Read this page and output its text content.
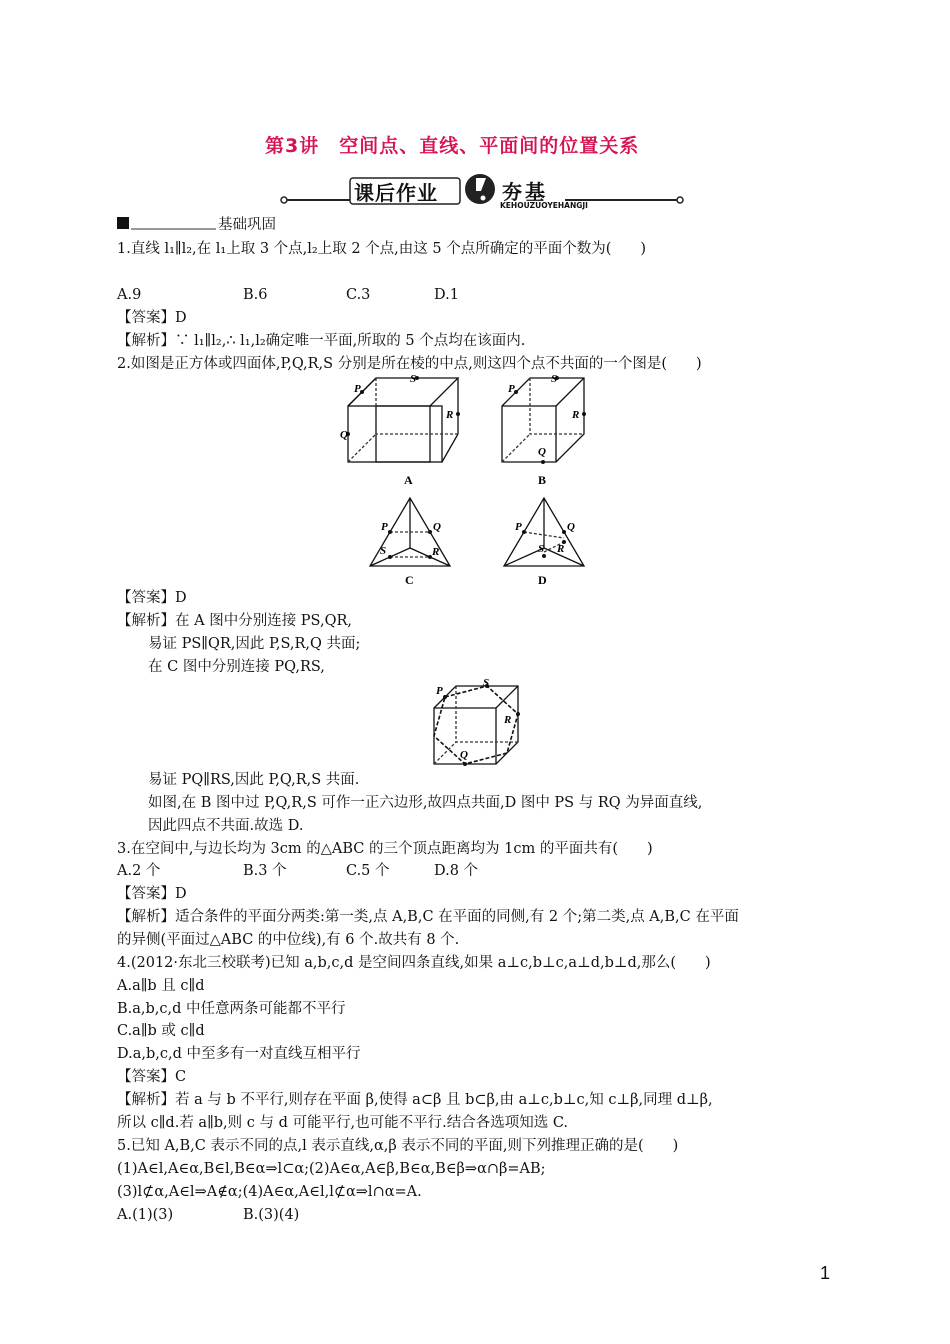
第3讲　空间点、直线、平面间的位置关系
课后作业	夯基
KEHOUZUOYEHANGJI
基础巩固
1.直线 l₁∥l₂,在 l₁上取 3 个点,l₂上取 2 个点,由这 5 个点所确定的平面个数为(　　)
A.9	B.6	C.3	D.1
【答案】D
【解析】∵ l₁∥l₂,∴ l₁,l₂确定唯一平面,所取的 5 个点均在该面内.
2.如图是正方体或四面体,P,Q,R,S 分别是所在棱的中点,则这四个点不共面的一个图是(　　)
P
S
R
Q
P
S
R
Q
P	Q
S	R
P	Q
S R
A	B
C	D
【答案】D
【解析】在 A 图中分别连接 PS,QR,
易证 PS∥QR,因此 P,S,R,Q 共面;
在 C 图中分别连接 PQ,RS,
P
S
R
Q
易证 PQ∥RS,因此 P,Q,R,S 共面.
如图,在 B 图中过 P,Q,R,S 可作一正六边形,故四点共面,D 图中 PS 与 RQ 为异面直线,
因此四点不共面.故选 D.
3.在空间中,与边长均为 3cm 的△ABC 的三个顶点距离均为 1cm 的平面共有(　　)
A.2 个	B.3 个	C.5 个	D.8 个
【答案】D
【解析】适合条件的平面分两类:第一类,点 A,B,C 在平面的同侧,有 2 个;第二类,点 A,B,C 在平面
的异侧(平面过△ABC 的中位线),有 6 个.故共有 8 个.
4.(2012·东北三校联考)已知 a,b,c,d 是空间四条直线,如果 a⊥c,b⊥c,a⊥d,b⊥d,那么(　　)
A.a∥b 且 c∥d
B.a,b,c,d 中任意两条可能都不平行
C.a∥b 或 c∥d
D.a,b,c,d 中至多有一对直线互相平行
【答案】C
【解析】若 a 与 b 不平行,则存在平面 β,使得 a⊂β 且 b⊂β,由 a⊥c,b⊥c,知 c⊥β,同理 d⊥β,
所以 c∥d.若 a∥b,则 c 与 d 可能平行,也可能不平行.结合各选项知选 C.
5.已知 A,B,C 表示不同的点,l 表示直线,α,β 表示不同的平面,则下列推理正确的是(　　)
(1)A∈l,A∈α,B∈l,B∈α⇒l⊂α;(2)A∈α,A∈β,B∈α,B∈β⇒α∩β=AB;
(3)l⊄α,A∈l⇒A∉α;(4)A∈α,A∈l,l⊄α⇒l∩α=A.
A.(1)(3)	B.(3)(4)
1
